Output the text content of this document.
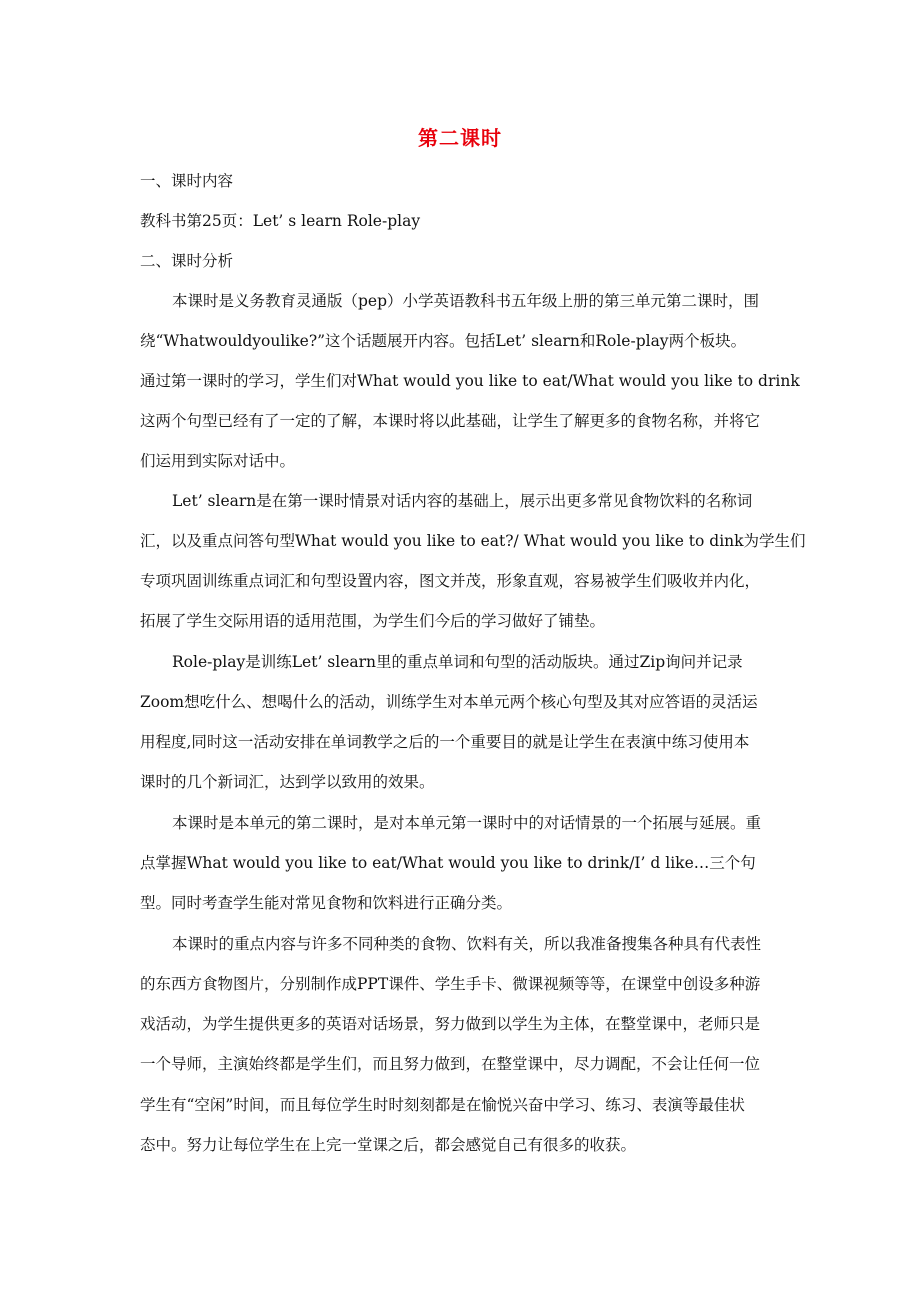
第二课时
一、课时内容
教科书第25页：Let’ s learn Role-play
二、课时分析
本课时是义务教育灵通版（pep）小学英语教科书五年级上册的第三单元第二课时，围
绕“Whatwouldyoulike?”这个话题展开内容。包括Let’ slearn和Role-play两个板块。
通过第一课时的学习，学生们对What would you like to eat/What would you like to drink
这两个句型已经有了一定的了解，本课时将以此基础，让学生了解更多的食物名称，并将它
们运用到实际对话中。
Let’ slearn是在第一课时情景对话内容的基础上，展示出更多常见食物饮料的名称词
汇，以及重点问答句型What would you like to eat?/ What would you like to dink为学生们
专项巩固训练重点词汇和句型设置内容，图文并茂，形象直观，容易被学生们吸收并内化，
拓展了学生交际用语的适用范围，为学生们今后的学习做好了铺垫。
Role-play是训练Let’ slearn里的重点单词和句型的活动版块。通过Zip询问并记录
Zoom想吃什么、想喝什么的活动，训练学生对本单元两个核心句型及其对应答语的灵活运
用程度,同时这一活动安排在单词教学之后的一个重要目的就是让学生在表演中练习使用本
课时的几个新词汇，达到学以致用的效果。
本课时是本单元的第二课时，是对本单元第一课时中的对话情景的一个拓展与延展。重
点掌握What would you like to eat/What would you like to drink/I’ d like…三个句
型。同时考查学生能对常见食物和饮料进行正确分类。
本课时的重点内容与许多不同种类的食物、饮料有关，所以我准备搜集各种具有代表性
的东西方食物图片，分别制作成PPT课件、学生手卡、微课视频等等，在课堂中创设多种游
戏活动，为学生提供更多的英语对话场景，努力做到以学生为主体，在整堂课中，老师只是
一个导师，主演始终都是学生们，而且努力做到，在整堂课中，尽力调配，不会让任何一位
学生有“空闲”时间，而且每位学生时时刻刻都是在愉悦兴奋中学习、练习、表演等最佳状
态中。努力让每位学生在上完一堂课之后，都会感觉自己有很多的收获。
